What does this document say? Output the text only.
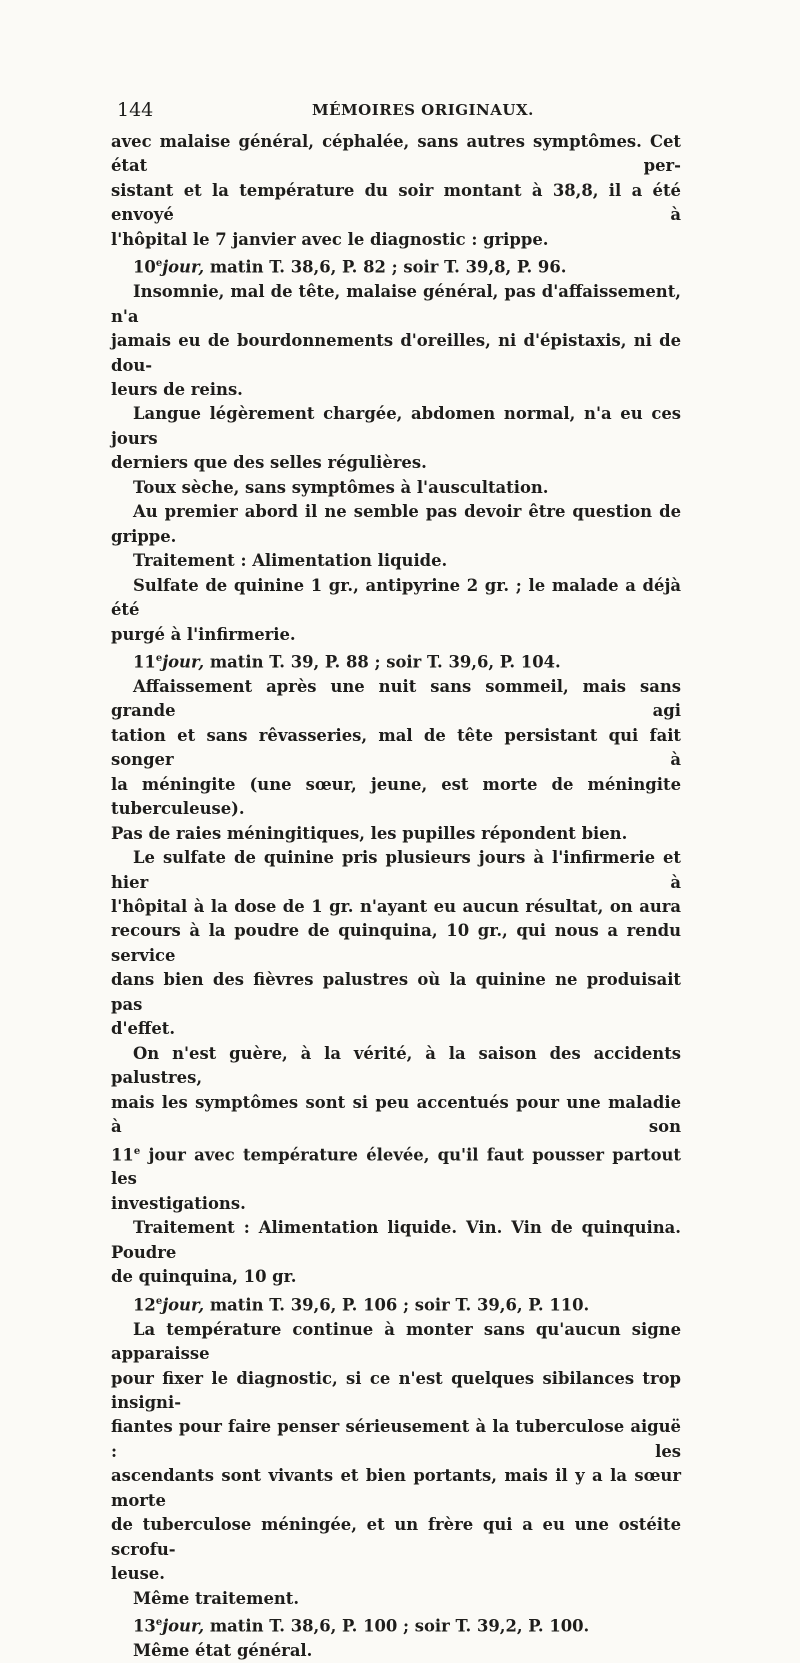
144	MÉMOIRES ORIGINAUX.
avec malaise général, céphalée, sans autres symptômes. Cet état per-
sistant et la température du soir montant à 38,8, il a été envoyé à
l'hôpital le 7 janvier avec le diagnostic : grippe.
10ejour, matin T. 38,6, P. 82 ; soir T. 39,8, P. 96.
Insomnie, mal de tête, malaise général, pas d'affaissement, n'a
jamais eu de bourdonnements d'oreilles, ni d'épistaxis, ni de dou-
leurs de reins.
Langue légèrement chargée, abdomen normal, n'a eu ces jours
derniers que des selles régulières.
Toux sèche, sans symptômes à l'auscultation.
Au premier abord il ne semble pas devoir être question de grippe.
Traitement : Alimentation liquide.
Sulfate de quinine 1 gr., antipyrine 2 gr. ; le malade a déjà été
purgé à l'infirmerie.
11ejour, matin T. 39, P. 88 ; soir T. 39,6, P. 104.
Affaissement après une nuit sans sommeil, mais sans grande agi
tation et sans rêvasseries, mal de tête persistant qui fait songer à
la méningite (une sœur, jeune, est morte de méningite tuberculeuse).
Pas de raies méningitiques, les pupilles répondent bien.
Le sulfate de quinine pris plusieurs jours à l'infirmerie et hier à
l'hôpital à la dose de 1 gr. n'ayant eu aucun résultat, on aura
recours à la poudre de quinquina, 10 gr., qui nous a rendu service
dans bien des fièvres palustres où la quinine ne produisait pas
d'effet.
On n'est guère, à la vérité, à la saison des accidents palustres,
mais les symptômes sont si peu accentués pour une maladie à son
11e jour avec température élevée, qu'il faut pousser partout les
investigations.
Traitement : Alimentation liquide. Vin. Vin de quinquina. Poudre
de quinquina, 10 gr.
12ejour, matin T. 39,6, P. 106 ; soir T. 39,6, P. 110.
La température continue à monter sans qu'aucun signe apparaisse
pour fixer le diagnostic, si ce n'est quelques sibilances trop insigni-
fiantes pour faire penser sérieusement à la tuberculose aiguë : les
ascendants sont vivants et bien portants, mais il y a la sœur morte
de tuberculose méningée, et un frère qui a eu une ostéite scrofu-
leuse.
Même traitement.
13ejour, matin T. 38,6, P. 100 ; soir T. 39,2, P. 100.
Même état général.
